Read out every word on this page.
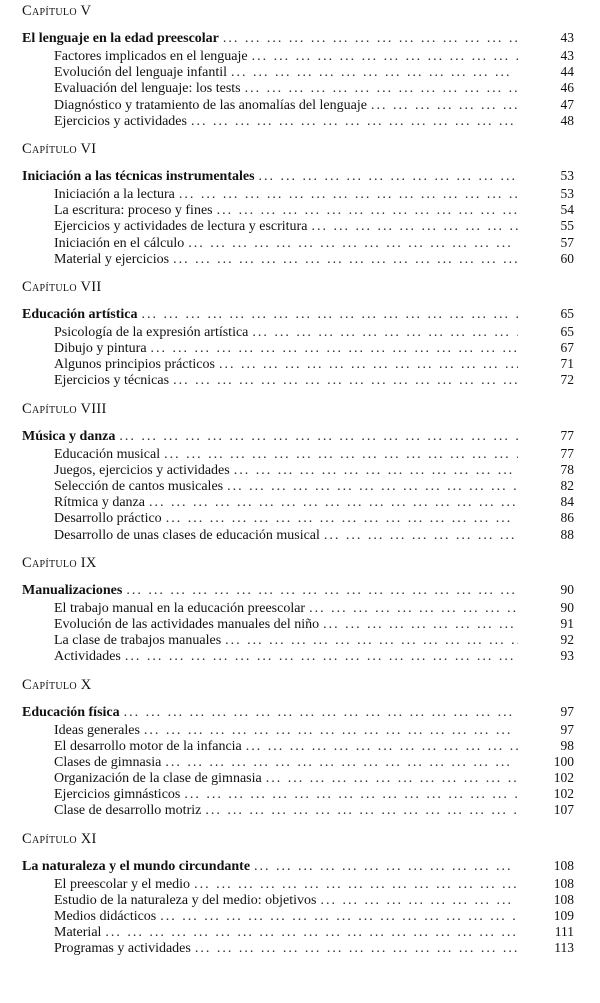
Capítulo V
El lenguaje en la edad preescolar ... .	43
Factores implicados en el lenguaje ... .	43
Evolución del lenguaje infantil ... .	44
Evaluación del lenguaje: los tests ... .	46
Diagnóstico y tratamiento de las anomalías del lenguaje ... .	47
Ejercicios y actividades ... .	48
Capítulo VI
Iniciación a las técnicas instrumentales ... .	53
Iniciación a la lectura ... .	53
La escritura: proceso y fines ... .	54
Ejercicios y actividades de lectura y escritura ... .	55
Iniciación en el cálculo ... .	57
Material y ejercicios ... .	60
Capítulo VII
Educación artística ... .	65
Psicología de la expresión artística ... .	65
Dibujo y pintura ... .	67
Algunos principios prácticos ... .	71
Ejercicios y técnicas ... .	72
Capítulo VIII
Música y danza ... .	77
Educación musical ... .	77
Juegos, ejercicios y actividades ... .	78
Selección de cantos musicales ... .	82
Rítmica y danza ... .	84
Desarrollo práctico ... .	86
Desarrollo de unas clases de educación musical ... .	88
Capítulo IX
Manualizaciones ... .	90
El trabajo manual en la educación preescolar ... .	90
Evolución de las actividades manuales del niño ... .	91
La clase de trabajos manuales ... .	92
Actividades ... .	93
Capítulo X
Educación física ... .	97
Ideas generales ... .	97
El desarrollo motor de la infancia ... .	98
Clases de gimnasia ... .	100
Organización de la clase de gimnasia ... .	102
Ejercicios gimnásticos ... .	102
Clase de desarrollo motriz ... .	107
Capítulo XI
La naturaleza y el mundo circundante ... .	108
El preescolar y el medio ... .	108
Estudio de la naturaleza y del medio: objetivos ... .	108
Medios didácticos ... .	109
Material ... .	111
Programas y actividades ... .	113
